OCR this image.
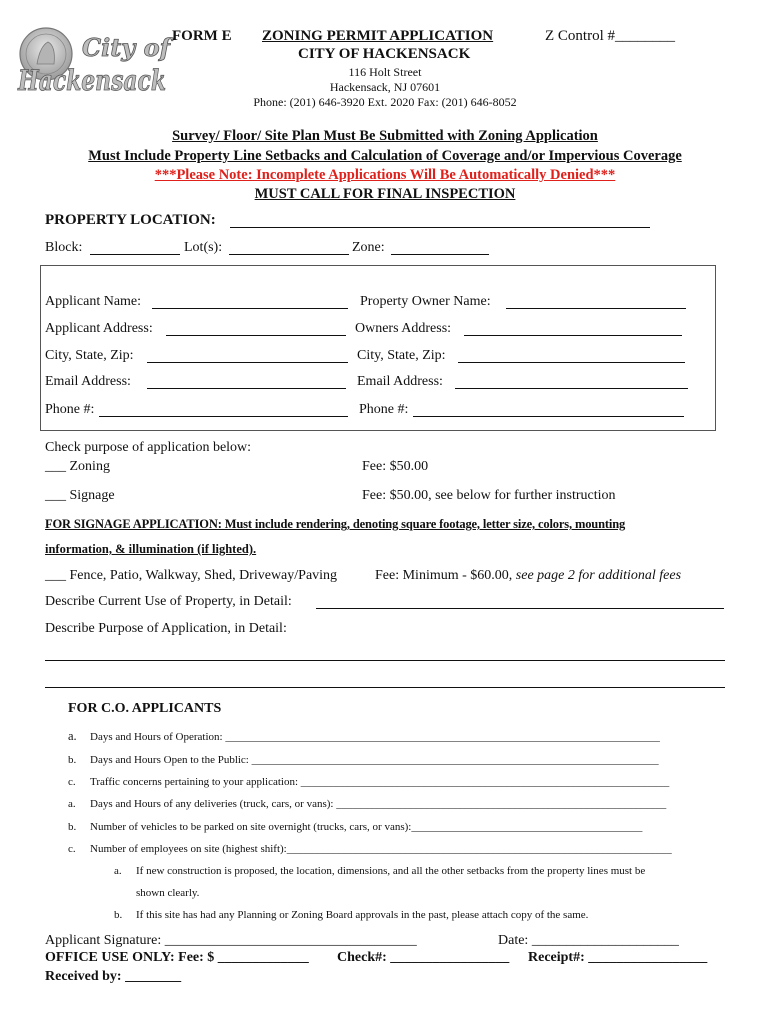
City of
Hackensack
FORM E ZONING PERMIT APPLICATION	Z Control #________
CITY OF HACKENSACK
116 Holt Street
Hackensack, NJ 07601
Phone: (201) 646-3920 Ext. 2020 Fax: (201) 646-8052
Survey/ Floor/ Site Plan Must Be Submitted with Zoning Application
Must Include Property Line Setbacks and Calculation of Coverage and/or Impervious Coverage
***Please Note: Incomplete Applications Will Be Automatically Denied***
MUST CALL FOR FINAL INSPECTION
PROPERTY LOCATION:
Block:	Lot(s):	Zone:
Applicant Name:	Property Owner Name:
Applicant Address:	Owners Address:
City, State, Zip:	City, State, Zip:
Email Address:	Email Address:
Phone #:	Phone #:
Check purpose of application below:
___ Zoning	Fee: $50.00
___ Signage	Fee: $50.00, see below for further instruction
FOR SIGNAGE APPLICATION: Must include rendering, denoting square footage, letter size, colors, mounting
information, & illumination (if lighted).
___ Fence, Patio, Walkway, Shed, Driveway/Paving	Fee: Minimum - $60.00, see page 2 for additional fees
Describe Current Use of Property, in Detail:
Describe Purpose of Application, in Detail:
FOR C.O. APPLICANTS
a. Days and Hours of Operation: _______________________________________________________________________________
b. Days and Hours Open to the Public: __________________________________________________________________________
c. Traffic concerns pertaining to your application: ___________________________________________________________________
a. Days and Hours of any deliveries (truck, cars, or vans): ____________________________________________________________
b. Number of vehicles to be parked on site overnight (trucks, cars, or vans):__________________________________________
c. Number of employees on site (highest shift):______________________________________________________________________
a. If new construction is proposed, the location, dimensions, and all the other setbacks from the property lines must be
shown clearly.
b. If this site has had any Planning or Zoning Board approvals in the past, please attach copy of the same.
Applicant Signature: ____________________________________	Date: _____________________
OFFICE USE ONLY: Fee: $ _____________ Check#: _________________ Receipt#: _________________
Received by: ________
